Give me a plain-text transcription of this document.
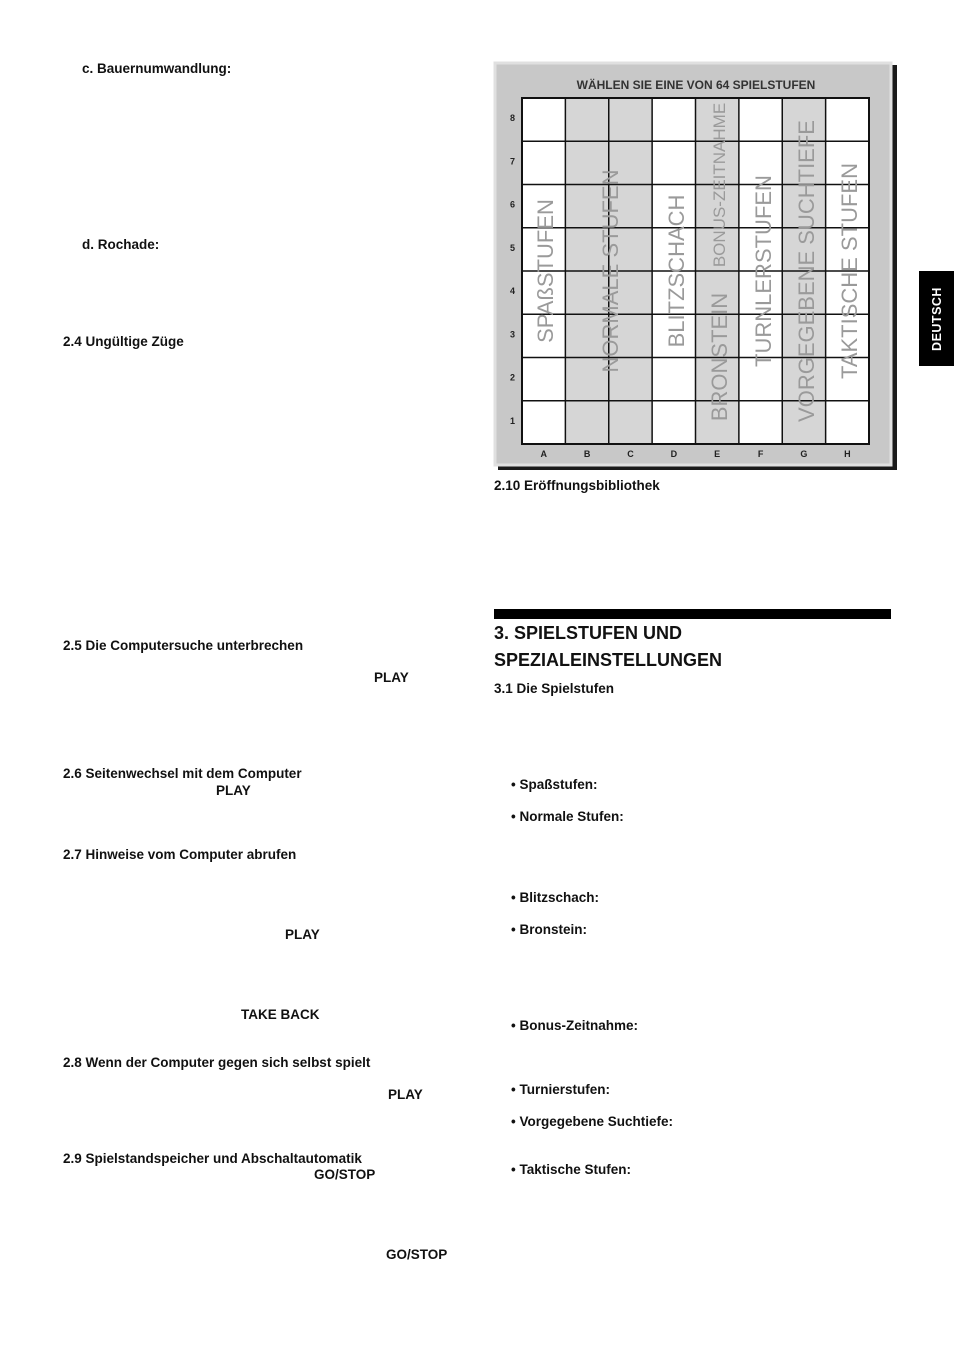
c. Bauernumwandlung:
d. Rochade:
2.4 Ungültige Züge
2.5 Die Computersuche unterbrechen
PLAY
2.6 Seitenwechsel mit dem Computer
PLAY
2.7 Hinweise vom Computer abrufen
PLAY
TAKE BACK
2.8 Wenn der Computer gegen sich selbst spielt
PLAY
2.9 Spielstandspeicher und Abschaltautomatik
GO/STOP
GO/STOP
DEUTSCH
WÄHLEN SIE EINE VON 64 SPIELSTUFEN
8
7
6
5
4
3
2
1
A	B	C	D	E	F	G	H
SPAßSTUFEN NORMALE STUFEN BLITZSCHACH
BONUS-ZEITNAHME
BRONSTEIN TURNLERSTUFEN VORGEGEBENE SUCHTIEFE TAKTISCHE STUFEN
2.10 Eröffnungsbibliothek
3. SPIELSTUFEN UND
SPEZIALEINSTELLUNGEN
3.1 Die Spielstufen
• Spaßstufen:
• Normale Stufen:
• Blitzschach:
• Bronstein:
• Bonus-Zeitnahme:
• Turnierstufen:
• Vorgegebene Suchtiefe:
• Taktische Stufen:
